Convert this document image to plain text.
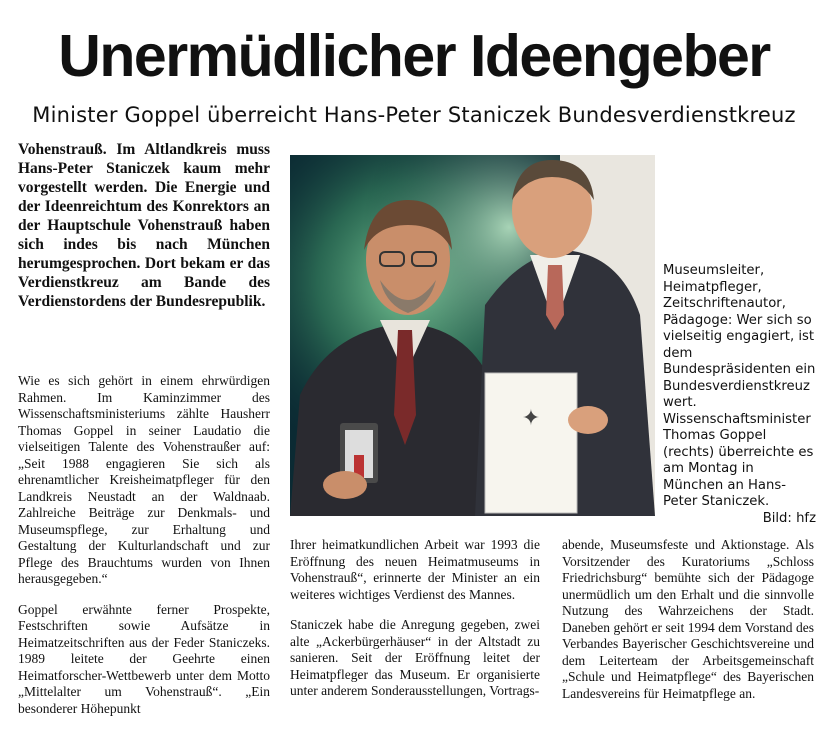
Unermüdlicher Ideengeber
Minister Goppel überreicht Hans-Peter Staniczek Bundesverdienstkreuz
Vohenstrauß. Im Altlandkreis muss Hans-Peter Staniczek kaum mehr vorgestellt werden. Die Energie und der Ideenreichtum des Konrektors an der Hauptschule Vohenstrauß haben sich indes bis nach München herumgesprochen. Dort bekam er das Verdienstkreuz am Bande des Verdienstordens der Bundesrepublik.

Wie es sich gehört in einem ehrwürdigen Rahmen. Im Kaminzimmer des Wissenschaftsministeriums zählte Hausherr Thomas Goppel in seiner Laudatio die vielseitigen Talente des Vohenstraußer auf: „Seit 1988 engagieren Sie sich als ehrenamtlicher Kreisheimatpfleger für den Landkreis Neustadt an der Waldnaab. Zahlreiche Beiträge zur Denkmals- und Museumspflege, zur Erhaltung und Gestaltung der Kulturlandschaft und zur Pflege des Brauchtums wurden von Ihnen herausgegeben.“

Goppel erwähnte ferner Prospekte, Festschriften sowie Aufsätze in Heimatzeitschriften aus der Feder Staniczeks. 1989 leitete der Geehrte einen Heimatforscher-Wettbewerb unter dem Motto „Mittelalter um Vohenstrauß“. „Ein besonderer Höhepunkt

✦

Museumsleiter, Heimatpfleger, Zeitschriftenautor, Pädagoge: Wer sich so vielseitig engagiert, ist dem Bundespräsidenten ein Bundesverdienstkreuz wert. Wissenschaftsminister Thomas Goppel (rechts) überreichte es am Montag in München an Hans-Peter Staniczek.

Bild: hfz

Ihrer heimatkundlichen Arbeit war 1993 die Eröffnung des neuen Heimatmuseums in Vohenstrauß“, erinnerte der Minister an ein weiteres wichtiges Verdienst des Mannes.

Staniczek habe die Anregung gegeben, zwei alte „Ackerbürgerhäuser“ in der Altstadt zu sanieren. Seit der Eröffnung leitet der Heimatpfleger das Museum. Er organisierte unter anderem Sonderausstellungen, Vortrags-

abende, Museumsfeste und Aktionstage. Als Vorsitzender des Kuratoriums „Schloss Friedrichsburg“ bemühte sich der Pädagoge unermüdlich um den Erhalt und die sinnvolle Nutzung des Wahrzeichens der Stadt. Daneben gehört er seit 1994 dem Vorstand des Verbandes Bayerischer Geschichtsvereine und dem Leiterteam der Arbeitsgemeinschaft „Schule und Heimatpflege“ des Bayerischen Landesvereins für Heimatpflege an.
